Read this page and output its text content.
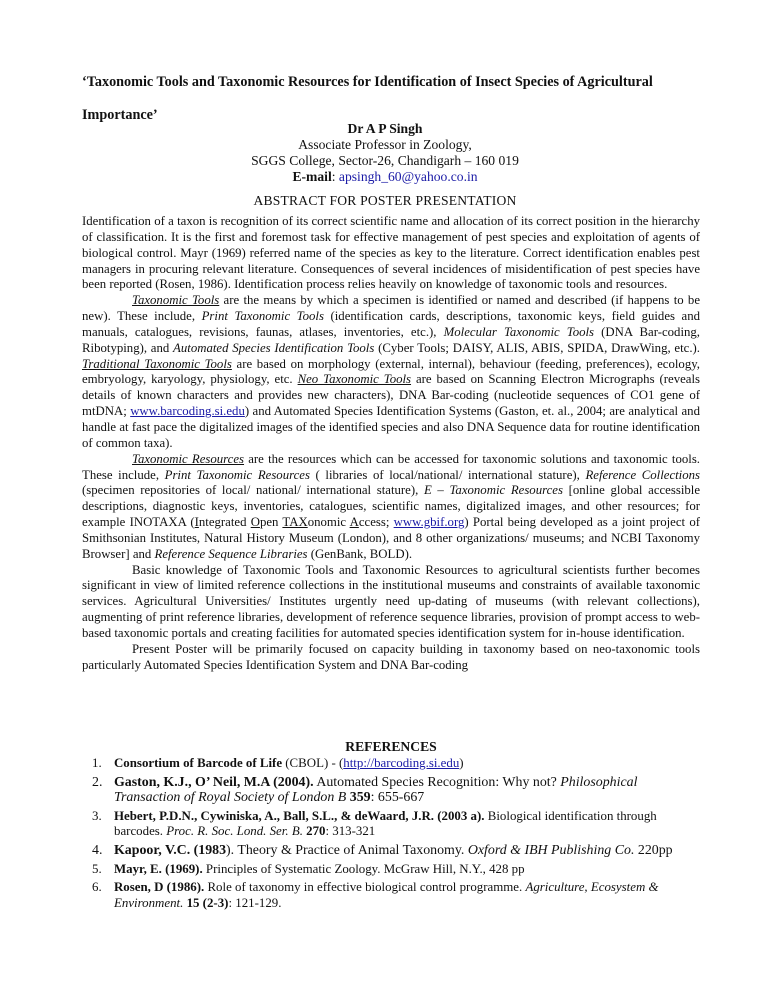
‘Taxonomic Tools and Taxonomic Resources for Identification of Insect Species of Agricultural Importance’
Dr A P Singh
Associate Professor in Zoology,
SGGS College, Sector-26, Chandigarh – 160 019
E-mail: apsingh_60@yahoo.co.in
ABSTRACT FOR POSTER PRESENTATION

Identification of a taxon is recognition of its correct scientific name and allocation of its correct position in the hierarchy of classification. It is the first and foremost task for effective management of pest species and exploitation of agents of biological control. Mayr (1969) referred name of the species as key to the literature. Correct identification enables pest managers in procuring relevant literature. Consequences of several incidences of misidentification of pest species have been reported (Rosen, 1986). Identification process relies heavily on knowledge of taxonomic tools and resources.

Taxonomic Tools are the means by which a specimen is identified or named and described (if happens to be new). These include, Print Taxonomic Tools (identification cards, descriptions, taxonomic keys, field guides and manuals, catalogues, revisions, faunas, atlases, inventories, etc.), Molecular Taxonomic Tools (DNA Bar-coding, Ribotyping), and Automated Species Identification Tools (Cyber Tools; DAISY, ALIS, ABIS, SPIDA, DrawWing, etc.). Traditional Taxonomic Tools are based on morphology (external, internal), behaviour (feeding, preferences), ecology, embryology, karyology, physiology, etc. Neo Taxonomic Tools are based on Scanning Electron Micrographs (reveals details of known characters and provides new characters), DNA Bar-coding (nucleotide sequences of CO1 gene of mtDNA; www.barcoding.si.edu) and Automated Species Identification Systems (Gaston, et. al., 2004; are analytical and handle at fast pace the digitalized images of the identified species and also DNA Sequence data for routine identification of common taxa).

Taxonomic Resources are the resources which can be accessed for taxonomic solutions and taxonomic tools. These include, Print Taxonomic Resources ( libraries of local/national/ international stature), Reference Collections (specimen repositories of local/ national/ international stature), E – Taxonomic Resources [online global accessible descriptions, diagnostic keys, inventories, catalogues, scientific names, digitalized images, and other resources; for example INOTAXA (Integrated Open TAXonomic Access; www.gbif.org) Portal being developed as a joint project of Smithsonian Institutes, Natural History Museum (London), and 8 other organizations/ museums; and NCBI Taxonomy Browser] and Reference Sequence Libraries (GenBank, BOLD).

Basic knowledge of Taxonomic Tools and Taxonomic Resources to agricultural scientists further becomes significant in view of limited reference collections in the institutional museums and constraints of available taxonomic services. Agricultural Universities/ Institutes urgently need up-dating of museums (with relevant collections), augmenting of print reference libraries, development of reference sequence libraries, provision of prompt access to web-based taxonomic portals and creating facilities for automated species identification system for in-house identification.

Present Poster will be primarily focused on capacity building in taxonomy based on neo-taxonomic tools particularly Automated Species Identification System and DNA Bar-coding

REFERENCES
1. Consortium of Barcode of Life (CBOL) - (http://barcoding.si.edu)
2. Gaston, K.J., O’ Neil, M.A (2004). Automated Species Recognition: Why not? Philosophical Transaction of Royal Society of London B 359: 655-667
3. Hebert, P.D.N., Cywiniska, A., Ball, S.L., & deWaard, J.R. (2003 a). Biological identification through barcodes. Proc. R. Soc. Lond. Ser. B. 270: 313-321
4. Kapoor, V.C. (1983). Theory & Practice of Animal Taxonomy. Oxford & IBH Publishing Co. 220pp
5. Mayr, E. (1969). Principles of Systematic Zoology. McGraw Hill, N.Y., 428 pp
6. Rosen, D (1986). Role of taxonomy in effective biological control programme. Agriculture, Ecosystem & Environment. 15 (2-3): 121-129.
